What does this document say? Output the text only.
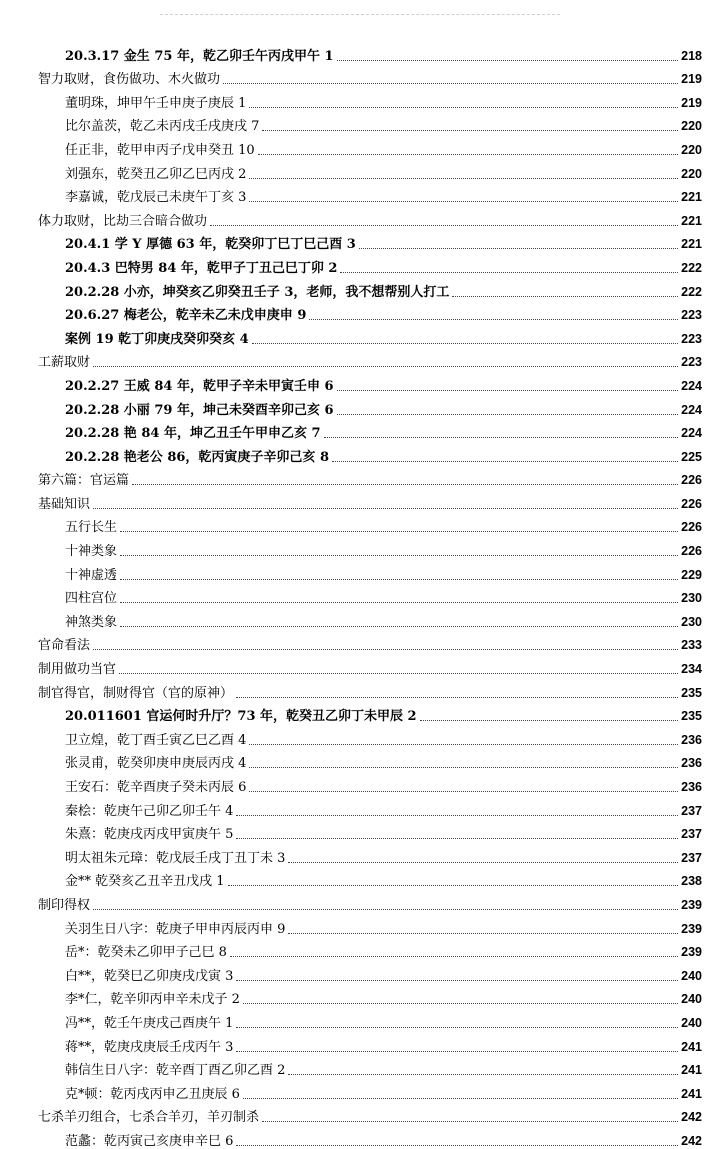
20.3.17 金生 75 年，乾乙卯壬午丙戌甲午 1	218
智力取财，食伤做功、木火做功	219
董明珠，坤甲午壬申庚子庚辰 1	219
比尔盖茨，乾乙未丙戌壬戌庚戌 7	220
任正非，乾甲申丙子戊申癸丑 10	220
刘强东，乾癸丑乙卯乙巳丙戌 2	220
李嘉诚，乾戊辰己未庚午丁亥 3	221
体力取财，比劫三合暗合做功	221
20.4.1 学 Y 厚德 63 年，乾癸卯丁巳丁巳己酉 3	221
20.4.3 巴特男 84 年，乾甲子丁丑己巳丁卯 2	222
20.2.28 小亦，坤癸亥乙卯癸丑壬子 3，老师，我不想帮别人打工	222
20.6.27 梅老公，乾辛未乙未戊申庚申 9	223
案例 19 乾丁卯庚戌癸卯癸亥 4	223
工薪取财	223
20.2.27 王威 84 年，乾甲子辛未甲寅壬申 6	224
20.2.28 小丽 79 年，坤己未癸酉辛卯己亥 6	224
20.2.28 艳 84 年，坤乙丑壬午甲申乙亥 7	224
20.2.28 艳老公 86，乾丙寅庚子辛卯己亥 8	225
第六篇：官运篇	226
基础知识	226
五行长生	226
十神类象	226
十神虚透	229
四柱宫位	230
神煞类象	230
官命看法	233
制用做功当官	234
制官得官，制财得官（官的原神）	235
20.011601 官运何时升厅？73 年，乾癸丑乙卯丁未甲辰 2	235
卫立煌，乾丁酉壬寅乙巳乙酉 4	236
张灵甫，乾癸卯庚申庚辰丙戌 4	236
王安石：乾辛酉庚子癸未丙辰 6	236
秦桧：乾庚午己卯乙卯壬午 4	237
朱熹：乾庚戌丙戌甲寅庚午 5	237
明太祖朱元璋：乾戊辰壬戌丁丑丁未 3	237
金** 乾癸亥乙丑辛丑戊戌 1	238
制印得权	239
关羽生日八字：乾庚子甲申丙辰丙申 9	239
岳*：乾癸未乙卯甲子己巳 8	239
白**，乾癸巳乙卯庚戌戊寅 3	240
李*仁，乾辛卯丙申辛未戊子 2	240
冯**，乾壬午庚戌己酉庚午 1	240
蒋**，乾庚戌庚辰壬戌丙午 3	241
韩信生日八字：乾辛酉丁酉乙卯乙酉 2	241
克*顿：乾丙戌丙申乙丑庚辰 6	241
七杀羊刃组合，七杀合羊刃，羊刃制杀	242
范蠡：乾丙寅己亥庚申辛巳 6	242
